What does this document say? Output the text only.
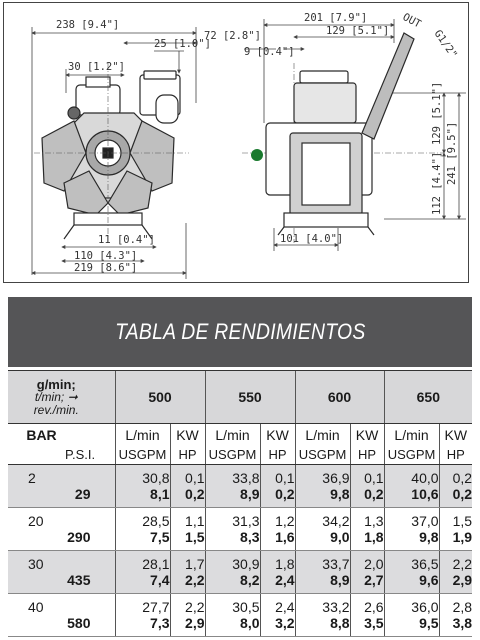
238 [9.4"]
72 [2.8"]
25 [1.0"]
30 [1.2"]
11 [0.4"]
110 [4.3"]
219 [8.6"]
201 [7.9"]
129 [5.1"]
9 [0.4"]
OUT
G1/2"
129 [5.1"]
241 [9.5"]
112 [4.4"]
101 [4.0"]
TABLA DE RENDIMIENTOS
g/min;
t/min; ➞
rev./min.		500		550		600		650	
BAR		L/min	KW	L/min	KW	L/min	KW	L/min	KW
	P.S.I.	USGPM	HP	USGPM	HP	USGPM	HP	USGPM	HP
2		30,8	0,1	33,8	0,1	36,9	0,1	40,0	0,2
	29	8,1	0,2	8,9	0,2	9,8	0,2	10,6	0,2
20		28,5	1,1	31,3	1,2	34,2	1,3	37,0	1,5
	290	7,5	1,5	8,3	1,6	9,0	1,8	9,8	1,9
30		28,1	1,7	30,9	1,8	33,7	2,0	36,5	2,2
	435	7,4	2,2	8,2	2,4	8,9	2,7	9,6	2,9
40		27,7	2,2	30,5	2,4	33,2	2,6	36,0	2,8
	580	7,3	2,9	8,0	3,2	8,8	3,5	9,5	3,8
